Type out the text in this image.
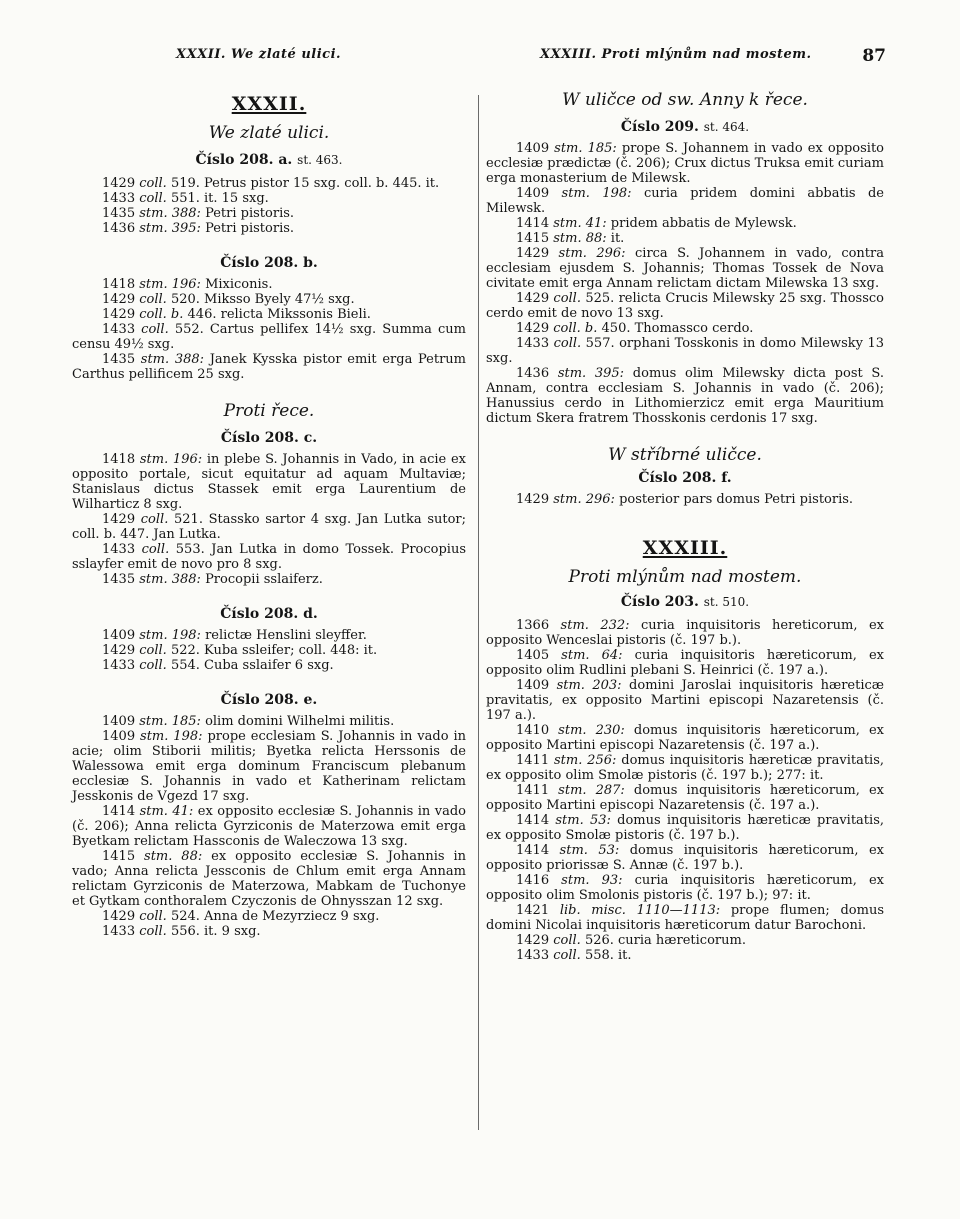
XXXII. We zlaté ulici.	XXXIII. Proti mlýnům nad mostem.	87
XXXII.
We zlaté ulici.
Číslo 208. a. st. 463.

1429 coll. 519. Petrus pistor 15 sxg. coll. b. 445. it.

1433 coll. 551. it. 15 sxg.

1435 stm. 388: Petri pistoris.

1436 stm. 395: Petri pistoris.

Číslo 208. b.

1418 stm. 196: Mixiconis.

1429 coll. 520. Miksso Byely 47½ sxg.

1429 coll. b. 446. relicta Mikssonis Bieli.

1433 coll. 552. Cartus pellifex 14½ sxg. Summa cum censu 49½ sxg.

1435 stm. 388: Janek Kysska pistor emit erga Petrum Carthus pellificem 25 sxg.

Proti řece.
Číslo 208. c.

1418 stm. 196: in plebe S. Johannis in Vado, in acie ex opposito portale, sicut equitatur ad aquam Multaviæ; Stanislaus dictus Stassek emit erga Laurentium de Wilharticz 8 sxg.

1429 coll. 521. Stassko sartor 4 sxg. Jan Lutka sutor; coll. b. 447. Jan Lutka.

1433 coll. 553. Jan Lutka in domo Tossek. Procopius sslayfer emit de novo pro 8 sxg.

1435 stm. 388: Procopii sslaiferz.

Číslo 208. d.

1409 stm. 198: relictæ Henslini sleyffer.

1429 coll. 522. Kuba ssleifer; coll. 448: it.

1433 coll. 554. Cuba sslaifer 6 sxg.

Číslo 208. e.

1409 stm. 185: olim domini Wilhelmi militis.

1409 stm. 198: prope ecclesiam S. Johannis in vado in acie; olim Stiborii militis; Byetka relicta Herssonis de Walessowa emit erga dominum Franciscum plebanum ecclesiæ S. Johannis in vado et Katherinam relictam Jesskonis de Vgezd 17 sxg.

1414 stm. 41: ex opposito ecclesiæ S. Johannis in vado (č. 206); Anna relicta Gyrziconis de Materzowa emit erga Byetkam relictam Hassconis de Waleczowa 13 sxg.

1415 stm. 88: ex opposito ecclesiæ S. Johannis in vado; Anna relicta Jessconis de Chlum emit erga Annam relictam Gyrziconis de Materzowa, Mabkam de Tuchonye et Gytkam conthoralem Czyczonis de Ohnysszan 12 sxg.

1429 coll. 524. Anna de Mezyrziecz 9 sxg.

1433 coll. 556. it. 9 sxg.

W uličce od sw. Anny k řece.
Číslo 209. st. 464.

1409 stm. 185: prope S. Johannem in vado ex opposito ecclesiæ prædictæ (č. 206); Crux dictus Truksa emit curiam erga monasterium de Milewsk.

1409 stm. 198: curia pridem domini abbatis de Milewsk.

1414 stm. 41: pridem abbatis de Mylewsk.

1415 stm. 88: it.

1429 stm. 296: circa S. Johannem in vado, contra ecclesiam ejusdem S. Johannis; Thomas Tossek de Nova civitate emit erga Annam relictam dictam Milewska 13 sxg.

1429 coll. 525. relicta Crucis Milewsky 25 sxg. Thossco cerdo emit de novo 13 sxg.

1429 coll. b. 450. Thomassco cerdo.

1433 coll. 557. orphani Tosskonis in domo Milewsky 13 sxg.

1436 stm. 395: domus olim Milewsky dicta post S. Annam, contra ecclesiam S. Johannis in vado (č. 206); Hanussius cerdo in Lithomierzicz emit erga Mauritium dictum Skera fratrem Thosskonis cerdonis 17 sxg.

W stříbrné uličce.
Číslo 208. f.

1429 stm. 296: posterior pars domus Petri pistoris.

XXXIII.
Proti mlýnům nad mostem.
Číslo 203. st. 510.

1366 stm. 232: curia inquisitoris hereticorum, ex opposito Wenceslai pistoris (č. 197 b.).

1405 stm. 64: curia inquisitoris hæreticorum, ex opposito olim Rudlini plebani S. Heinrici (č. 197 a.).

1409 stm. 203: domini Jaroslai inquisitoris hæreticæ pravitatis, ex opposito Martini episcopi Nazaretensis (č. 197 a.).

1410 stm. 230: domus inquisitoris hæreticorum, ex opposito Martini episcopi Nazaretensis (č. 197 a.).

1411 stm. 256: domus inquisitoris hæreticæ pravitatis, ex opposito olim Smolæ pistoris (č. 197 b.); 277: it.

1411 stm. 287: domus inquisitoris hæreticorum, ex opposito Martini episcopi Nazaretensis (č. 197 a.).

1414 stm. 53: domus inquisitoris hæreticæ pravitatis, ex opposito Smolæ pistoris (č. 197 b.).

1414 stm. 53: domus inquisitoris hæreticorum, ex opposito priorissæ S. Annæ (č. 197 b.).

1416 stm. 93: curia inquisitoris hæreticorum, ex opposito olim Smolonis pistoris (č. 197 b.); 97: it.

1421 lib. misc. 1110—1113: prope flumen; domus domini Nicolai inquisitoris hæreticorum datur Barochoni.

1429 coll. 526. curia hæreticorum.

1433 coll. 558. it.
